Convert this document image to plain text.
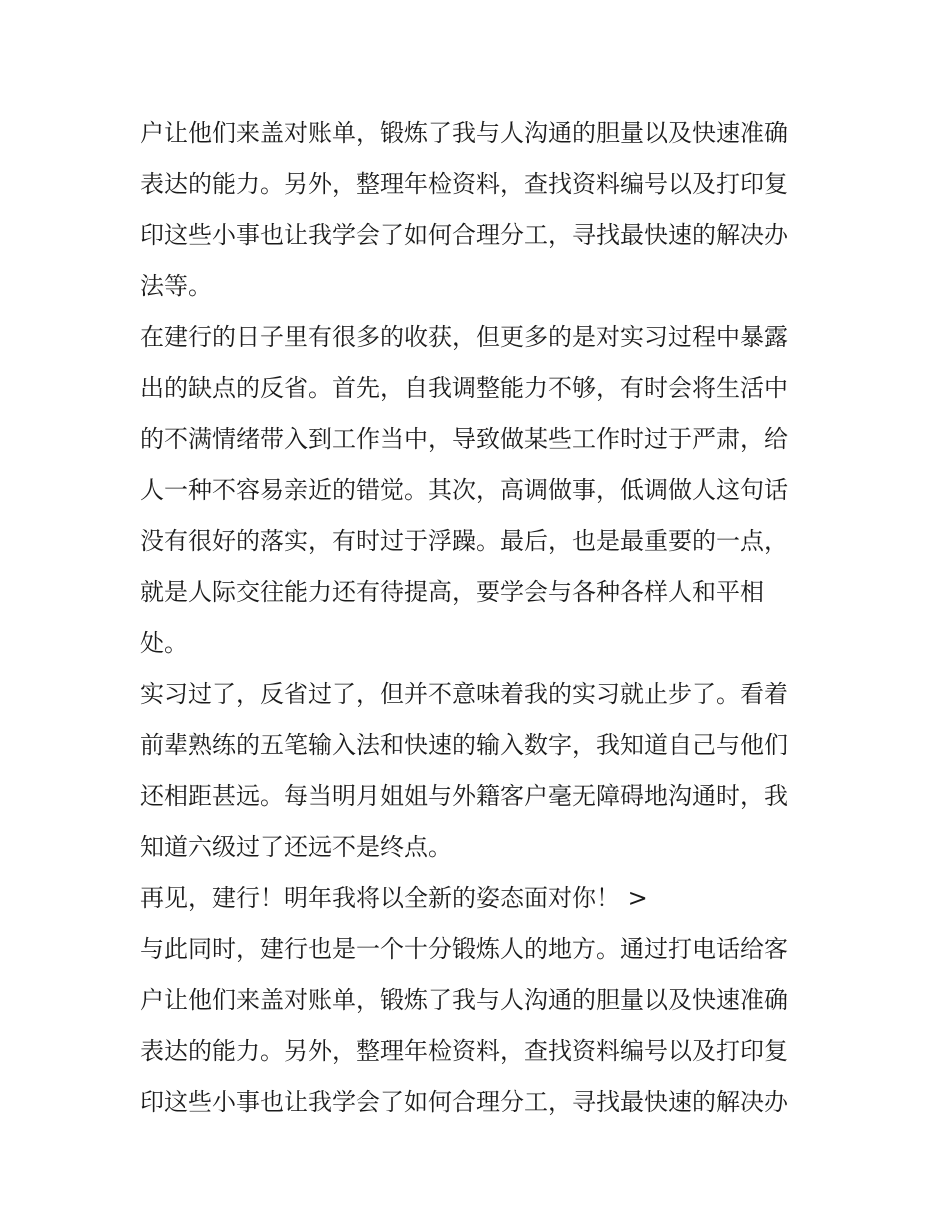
户让他们来盖对账单，锻炼了我与人沟通的胆量以及快速准确
表达的能力。另外，整理年检资料，查找资料编号以及打印复
印这些小事也让我学会了如何合理分工，寻找最快速的解决办
法等。
在建行的日子里有很多的收获，但更多的是对实习过程中暴露
出的缺点的反省。首先，自我调整能力不够，有时会将生活中
的不满情绪带入到工作当中，导致做某些工作时过于严肃，给
人一种不容易亲近的错觉。其次，高调做事，低调做人这句话
没有很好的落实，有时过于浮躁。最后，也是最重要的一点，
就是人际交往能力还有待提高，要学会与各种各样人和平相
处。
实习过了，反省过了，但并不意味着我的实习就止步了。看着
前辈熟练的五笔输入法和快速的输入数字，我知道自己与他们
还相距甚远。每当明月姐姐与外籍客户毫无障碍地沟通时，我
知道六级过了还远不是终点。
再见，建行！明年我将以全新的姿态面对你！ >
与此同时，建行也是一个十分锻炼人的地方。通过打电话给客
户让他们来盖对账单，锻炼了我与人沟通的胆量以及快速准确
表达的能力。另外，整理年检资料，查找资料编号以及打印复
印这些小事也让我学会了如何合理分工，寻找最快速的解决办
